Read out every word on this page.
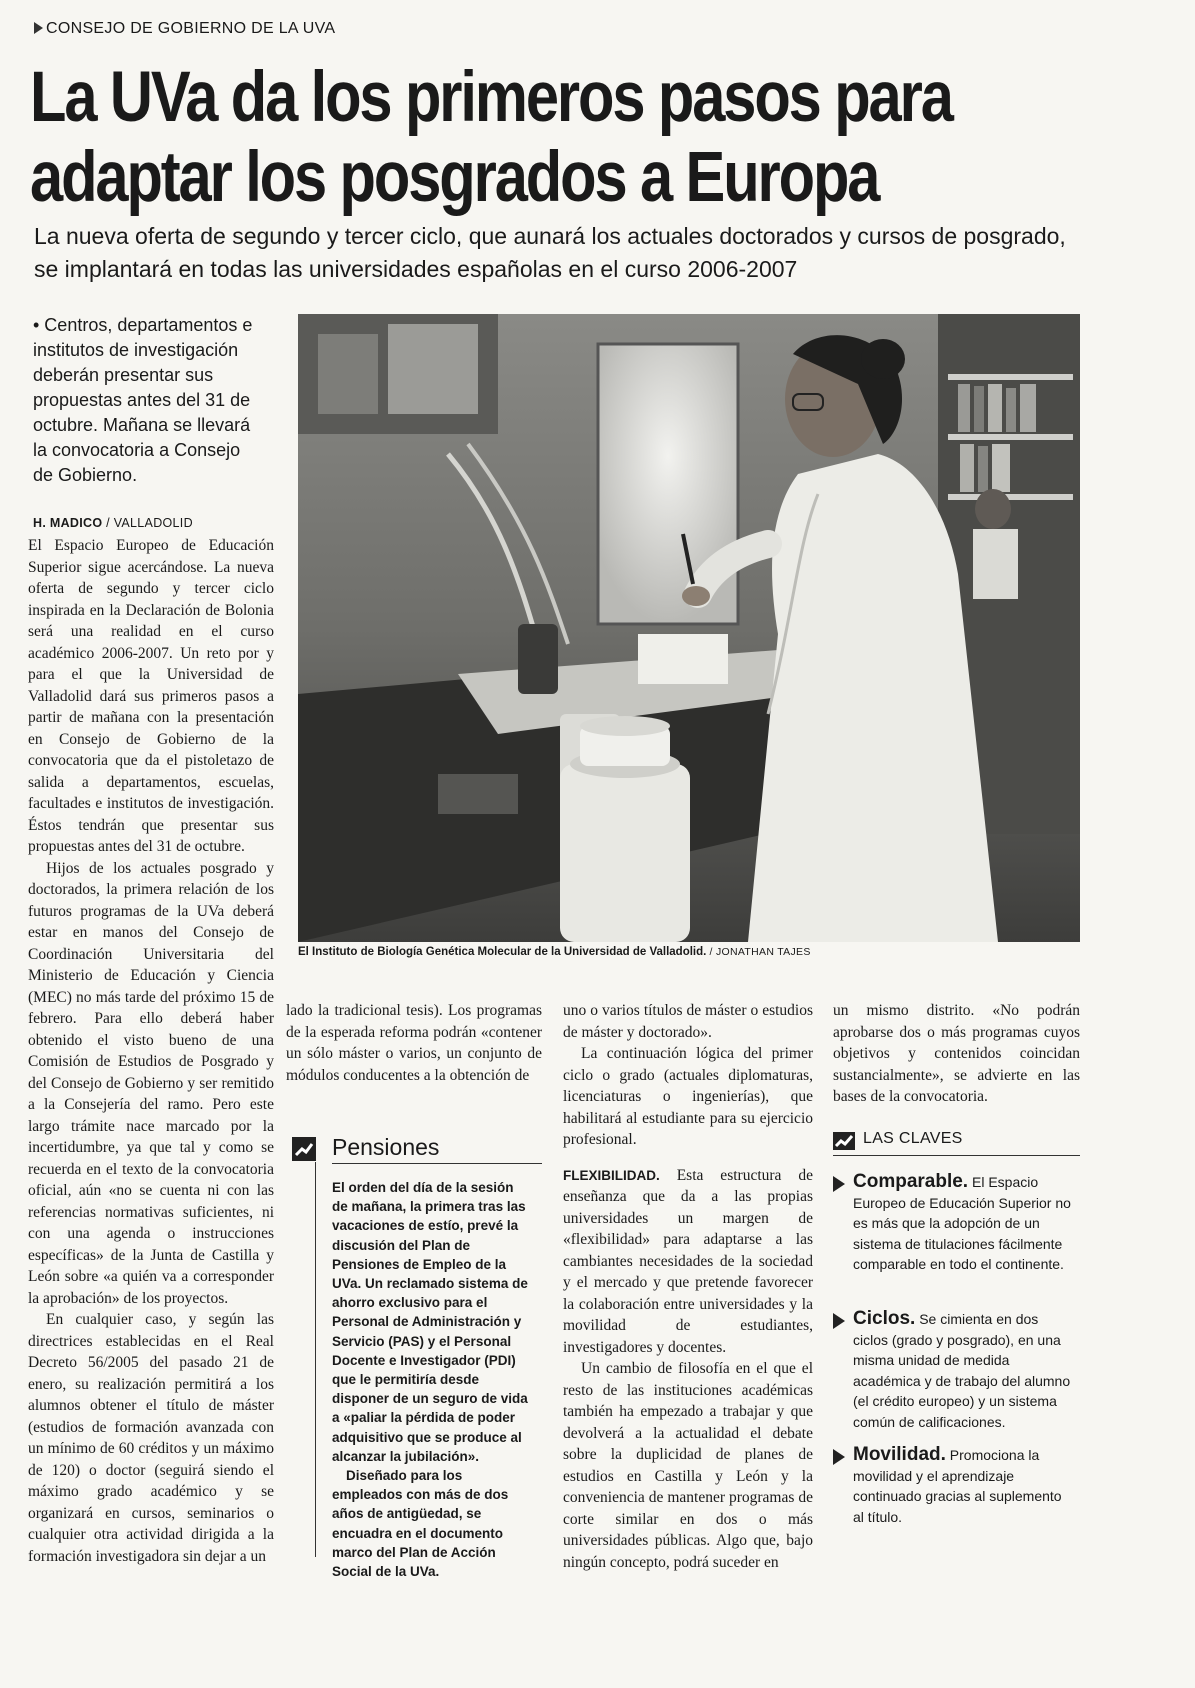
CONSEJO DE GOBIERNO DE LA UVA
La UVa da los primeros pasos para
adaptar los posgrados a Europa
La nueva oferta de segundo y tercer ciclo, que aunará los actuales doctorados y cursos de posgrado, se implantará en todas las universidades españolas en el curso 2006-2007
• Centros, departamentos e institutos de investigación deberán presentar sus propuestas antes del 31 de octubre. Mañana se llevará la convocatoria a Consejo de Gobierno.
H. MADICO / VALLADOLID

El Espacio Europeo de Educación Superior sigue acercándose. La nueva oferta de segundo y tercer ciclo inspirada en la Declaración de Bolonia será una realidad en el curso académico 2006-2007. Un reto por y para el que la Universidad de Valladolid dará sus primeros pasos a partir de mañana con la presentación en Consejo de Gobierno de la convocatoria que da el pistoletazo de salida a departamentos, escuelas, facultades e institutos de investigación. Éstos tendrán que presentar sus propuestas antes del 31 de octubre.

Hijos de los actuales posgrado y doctorados, la primera relación de los futuros programas de la UVa deberá estar en manos del Consejo de Coordinación Universitaria del Ministerio de Educación y Ciencia (MEC) no más tarde del próximo 15 de febrero. Para ello deberá haber obtenido el visto bueno de una Comisión de Estudios de Posgrado y del Consejo de Gobierno y ser remitido a la Consejería del ramo. Pero este largo trámite nace marcado por la incertidumbre, ya que tal y como se recuerda en el texto de la convocatoria oficial, aún «no se cuenta ni con las referencias normativas suficientes, ni con una agenda o instrucciones específicas» de la Junta de Castilla y León sobre «a quién va a corresponder la aprobación» de los proyectos.

En cualquier caso, y según las directrices establecidas en el Real Decreto 56/2005 del pasado 21 de enero, su realización permitirá a los alumnos obtener el título de máster (estudios de formación avanzada con un mínimo de 60 créditos y un máximo de 120) o doctor (seguirá siendo el máximo grado académico y se organizará en cursos, seminarios o cualquier otra actividad dirigida a la formación investigadora sin dejar a un

El Instituto de Biología Genética Molecular de la Universidad de Valladolid. / JONATHAN TAJES

lado la tradicional tesis). Los programas de la esperada reforma podrán «contener un sólo máster o varios, un conjunto de módulos conducentes a la obtención de

Pensiones

El orden del día de la sesión de mañana, la primera tras las vacaciones de estío, prevé la discusión del Plan de Pensiones de Empleo de la UVa. Un reclamado sistema de ahorro exclusivo para el Personal de Administración y Servicio (PAS) y el Personal Docente e Investigador (PDI) que le permitiría desde disponer de un seguro de vida a «paliar la pérdida de poder adquisitivo que se produce al alcanzar la jubilación».

Diseñado para los empleados con más de dos años de antigüedad, se encuadra en el documento marco del Plan de Acción Social de la UVa.

uno o varios títulos de máster o estudios de máster y doctorado».

La continuación lógica del primer ciclo o grado (actuales diplomaturas, licenciaturas o ingenierías), que habilitará al estudiante para su ejercicio profesional.

FLEXIBILIDAD. Esta estructura de enseñanza que da a las propias universidades un margen de «flexibilidad» para adaptarse a las cambiantes necesidades de la sociedad y el mercado y que pretende favorecer la colaboración entre universidades y la movilidad de estudiantes, investigadores y docentes.

Un cambio de filosofía en el que el resto de las instituciones académicas también ha empezado a trabajar y que devolverá a la actualidad el debate sobre la duplicidad de planes de estudios en Castilla y León y la conveniencia de mantener programas de corte similar en dos o más universidades públicas. Algo que, bajo ningún concepto, podrá suceder en

un mismo distrito. «No podrán aprobarse dos o más programas cuyos objetivos y contenidos coincidan sustancialmente», se advierte en las bases de la convocatoria.

LAS CLAVES
Comparable. El Espacio Europeo de Educación Superior no es más que la adopción de un sistema de titulaciones fácilmente comparable en todo el continente.
Ciclos. Se cimienta en dos ciclos (grado y posgrado), en una misma unidad de medida académica y de trabajo del alumno (el crédito europeo) y un sistema común de calificaciones.
Movilidad. Promociona la movilidad y el aprendizaje continuado gracias al suplemento al título.
